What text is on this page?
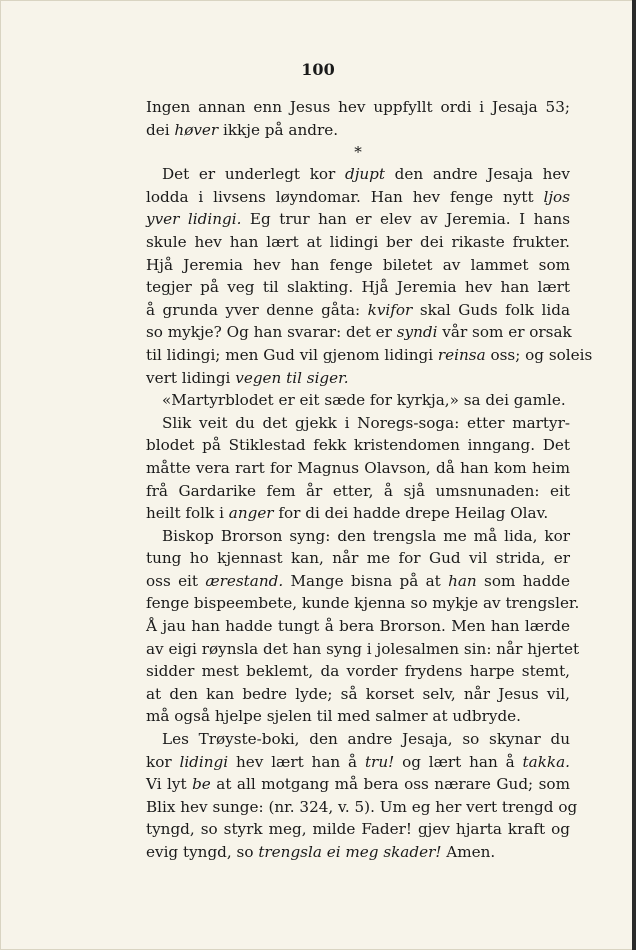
100
Ingen annan enn Jesus hev uppfyllt ordi i Jesaja 53;
dei høver ikkje på andre.
*
Det er underlegt kor djupt den andre Jesaja hev
lodda i livsens løyndomar. Han hev fenge nytt ljos
yver lidingi. Eg trur han er elev av Jeremia. I hans
skule hev han lært at lidingi ber dei rikaste frukter.
Hjå Jeremia hev han fenge biletet av lammet som
tegjer på veg til slakting. Hjå Jeremia hev han lært
å grunda yver denne gåta: kvifor skal Guds folk lida
so mykje? Og han svarar: det er syndi vår som er orsak
til lidingi; men Gud vil gjenom lidingi reinsa oss; og soleis
vert lidingi vegen til siger.
«Martyrblodet er eit sæde for kyrkja,» sa dei gamle.
Slik veit du det gjekk i Noregs-soga: etter martyr-
blodet på Stiklestad fekk kristendomen inngang. Det
måtte vera rart for Magnus Olavson, då han kom heim
frå Gardarike fem år etter, å sjå umsnunaden: eit
heilt folk i anger for di dei hadde drepe Heilag Olav.
Biskop Brorson syng: den trengsla me må lida, kor
tung ho kjennast kan, når me for Gud vil strida, er
oss eit ærestand. Mange bisna på at han som hadde
fenge bispeembete, kunde kjenna so mykje av trengsler.
Å jau han hadde tungt å bera Brorson. Men han lærde
av eigi røynsla det han syng i jolesalmen sin: når hjertet
sidder mest beklemt, da vorder frydens harpe stemt,
at den kan bedre lyde; så korset selv, når Jesus vil,
må også hjelpe sjelen til med salmer at udbryde.
Les Trøyste-boki, den andre Jesaja, so skynar du
kor lidingi hev lært han å tru! og lært han å takka.
Vi lyt be at all motgang må bera oss nærare Gud; som
Blix hev sunge: (nr. 324, v. 5). Um eg her vert trengd og
tyngd, so styrk meg, milde Fader! gjev hjarta kraft og
evig tyngd, so trengsla ei meg skader! Amen.
